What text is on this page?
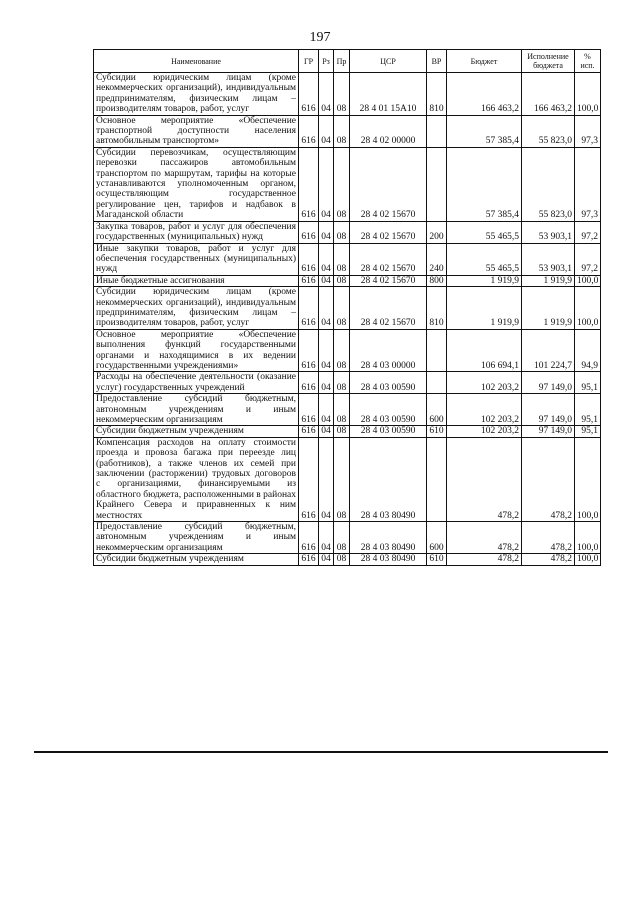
197
Наименование	ГР	Рз	Пр	ЦСР	ВР	Бюджет	Исполнение бюджета	% исп.
Субсидии юридическим лицам (кроме некоммерческих организаций), индивидуальным предпринимателям, физическим лицам – производителям товаров, работ, услуг	616	04	08	28 4 01 15А10	810	166 463,2	166 463,2	100,0
Основное мероприятие «Обеспечение транспортной доступности населения автомобильным транспортом»	616	04	08	28 4 02 00000		57 385,4	55 823,0	97,3
Субсидии перевозчикам, осуществляющим перевозки пассажиров автомобильным транспортом по маршрутам, тарифы на которые устанавливаются уполномоченным органом, осуществляющим государственное регулирование цен, тарифов и надбавок в Магаданской области	616	04	08	28 4 02 15670		57 385,4	55 823,0	97,3
Закупка товаров, работ и услуг для обеспечения государственных (муниципальных) нужд	616	04	08	28 4 02 15670	200	55 465,5	53 903,1	97,2
Иные закупки товаров, работ и услуг для обеспечения государственных (муниципальных) нужд	616	04	08	28 4 02 15670	240	55 465,5	53 903,1	97,2
Иные бюджетные ассигнования	616	04	08	28 4 02 15670	800	1 919,9	1 919,9	100,0
Субсидии юридическим лицам (кроме некоммерческих организаций), индивидуальным предпринимателям, физическим лицам – производителям товаров, работ, услуг	616	04	08	28 4 02 15670	810	1 919,9	1 919,9	100,0
Основное мероприятие «Обеспечение выполнения функций государственными органами и находящимися в их ведении государственными учреждениями»	616	04	08	28 4 03 00000		106 694,1	101 224,7	94,9
Расходы на обеспечение деятельности (оказание услуг) государственных учреждений	616	04	08	28 4 03 00590		102 203,2	97 149,0	95,1
Предоставление субсидий бюджетным, автономным учреждениям и иным некоммерческим организациям	616	04	08	28 4 03 00590	600	102 203,2	97 149,0	95,1
Субсидии бюджетным учреждениям	616	04	08	28 4 03 00590	610	102 203,2	97 149,0	95,1
Компенсация расходов на оплату стоимости проезда и провоза багажа при переезде лиц (работников), а также членов их семей при заключении (расторжении) трудовых договоров с организациями, финансируемыми из областного бюджета, расположенными в районах Крайнего Севера и приравненных к ним местностях	616	04	08	28 4 03 80490		478,2	478,2	100,0
Предоставление субсидий бюджетным, автономным учреждениям и иным некоммерческим организациям	616	04	08	28 4 03 80490	600	478,2	478,2	100,0
Субсидии бюджетным учреждениям	616	04	08	28 4 03 80490	610	478,2	478,2	100,0
